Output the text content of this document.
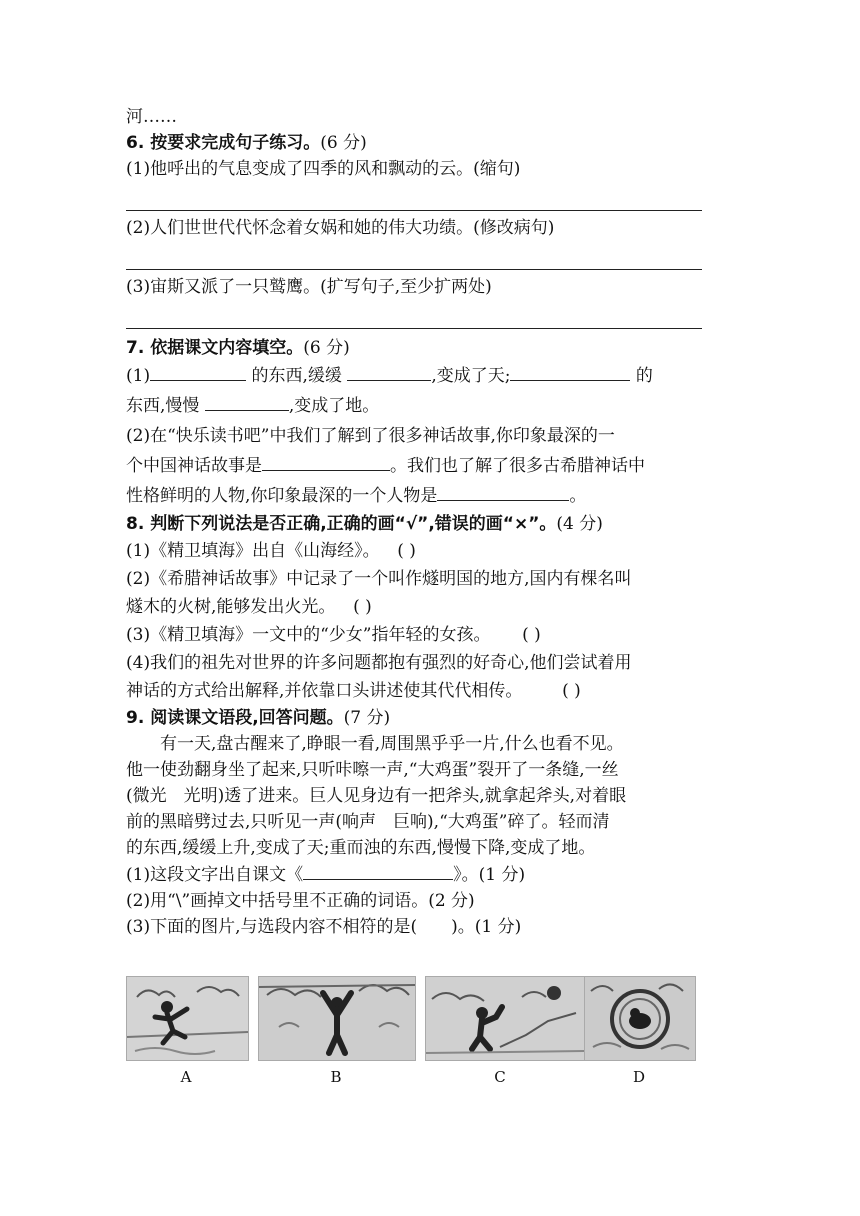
河……
6. 按要求完成句子练习。(6 分)
(1)他呼出的气息变成了四季的风和飘动的云。(缩句)
(2)人们世世代代怀念着女娲和她的伟大功绩。(修改病句)
(3)宙斯又派了一只鹫鹰。(扩写句子,至少扩两处)
7. 依据课文内容填空。(6 分)
(1)	的东西,缓缓	,变成了天;	的
东西,慢慢	,变成了地。
(2)在“快乐读书吧”中我们了解到了很多神话故事,你印象最深的一
个中国神话故事是	。我们也了解了很多古希腊神话中
性格鲜明的人物,你印象最深的一个人物是	。
8. 判断下列说法是否正确,正确的画“√”,错误的画“×”。(4 分)
(1)《精卫填海》出自《山海经》。 ( )
(2)《希腊神话故事》中记录了一个叫作燧明国的地方,国内有棵名叫
燧木的火树,能够发出火光。 ( )
(3)《精卫填海》一文中的“少女”指年轻的女孩。 ( )
(4)我们的祖先对世界的许多问题都抱有强烈的好奇心,他们尝试着用
神话的方式给出解释,并依靠口头讲述使其代代相传。 ( )
9. 阅读课文语段,回答问题。(7 分)
有一天,盘古醒来了,睁眼一看,周围黑乎乎一片,什么也看不见。
他一使劲翻身坐了起来,只听咔嚓一声,“大鸡蛋”裂开了一条缝,一丝
(微光　光明)透了进来。巨人见身边有一把斧头,就拿起斧头,对着眼
前的黑暗劈过去,只听见一声(响声　巨响),“大鸡蛋”碎了。轻而清
的东西,缓缓上升,变成了天;重而浊的东西,慢慢下降,变成了地。
(1)这段文字出自课文《	》。(1 分)
(2)用“\”画掉文中括号里不正确的词语。(2 分)
(3)下面的图片,与选段内容不相符的是(　　)。(1 分)
A	B	C	D
